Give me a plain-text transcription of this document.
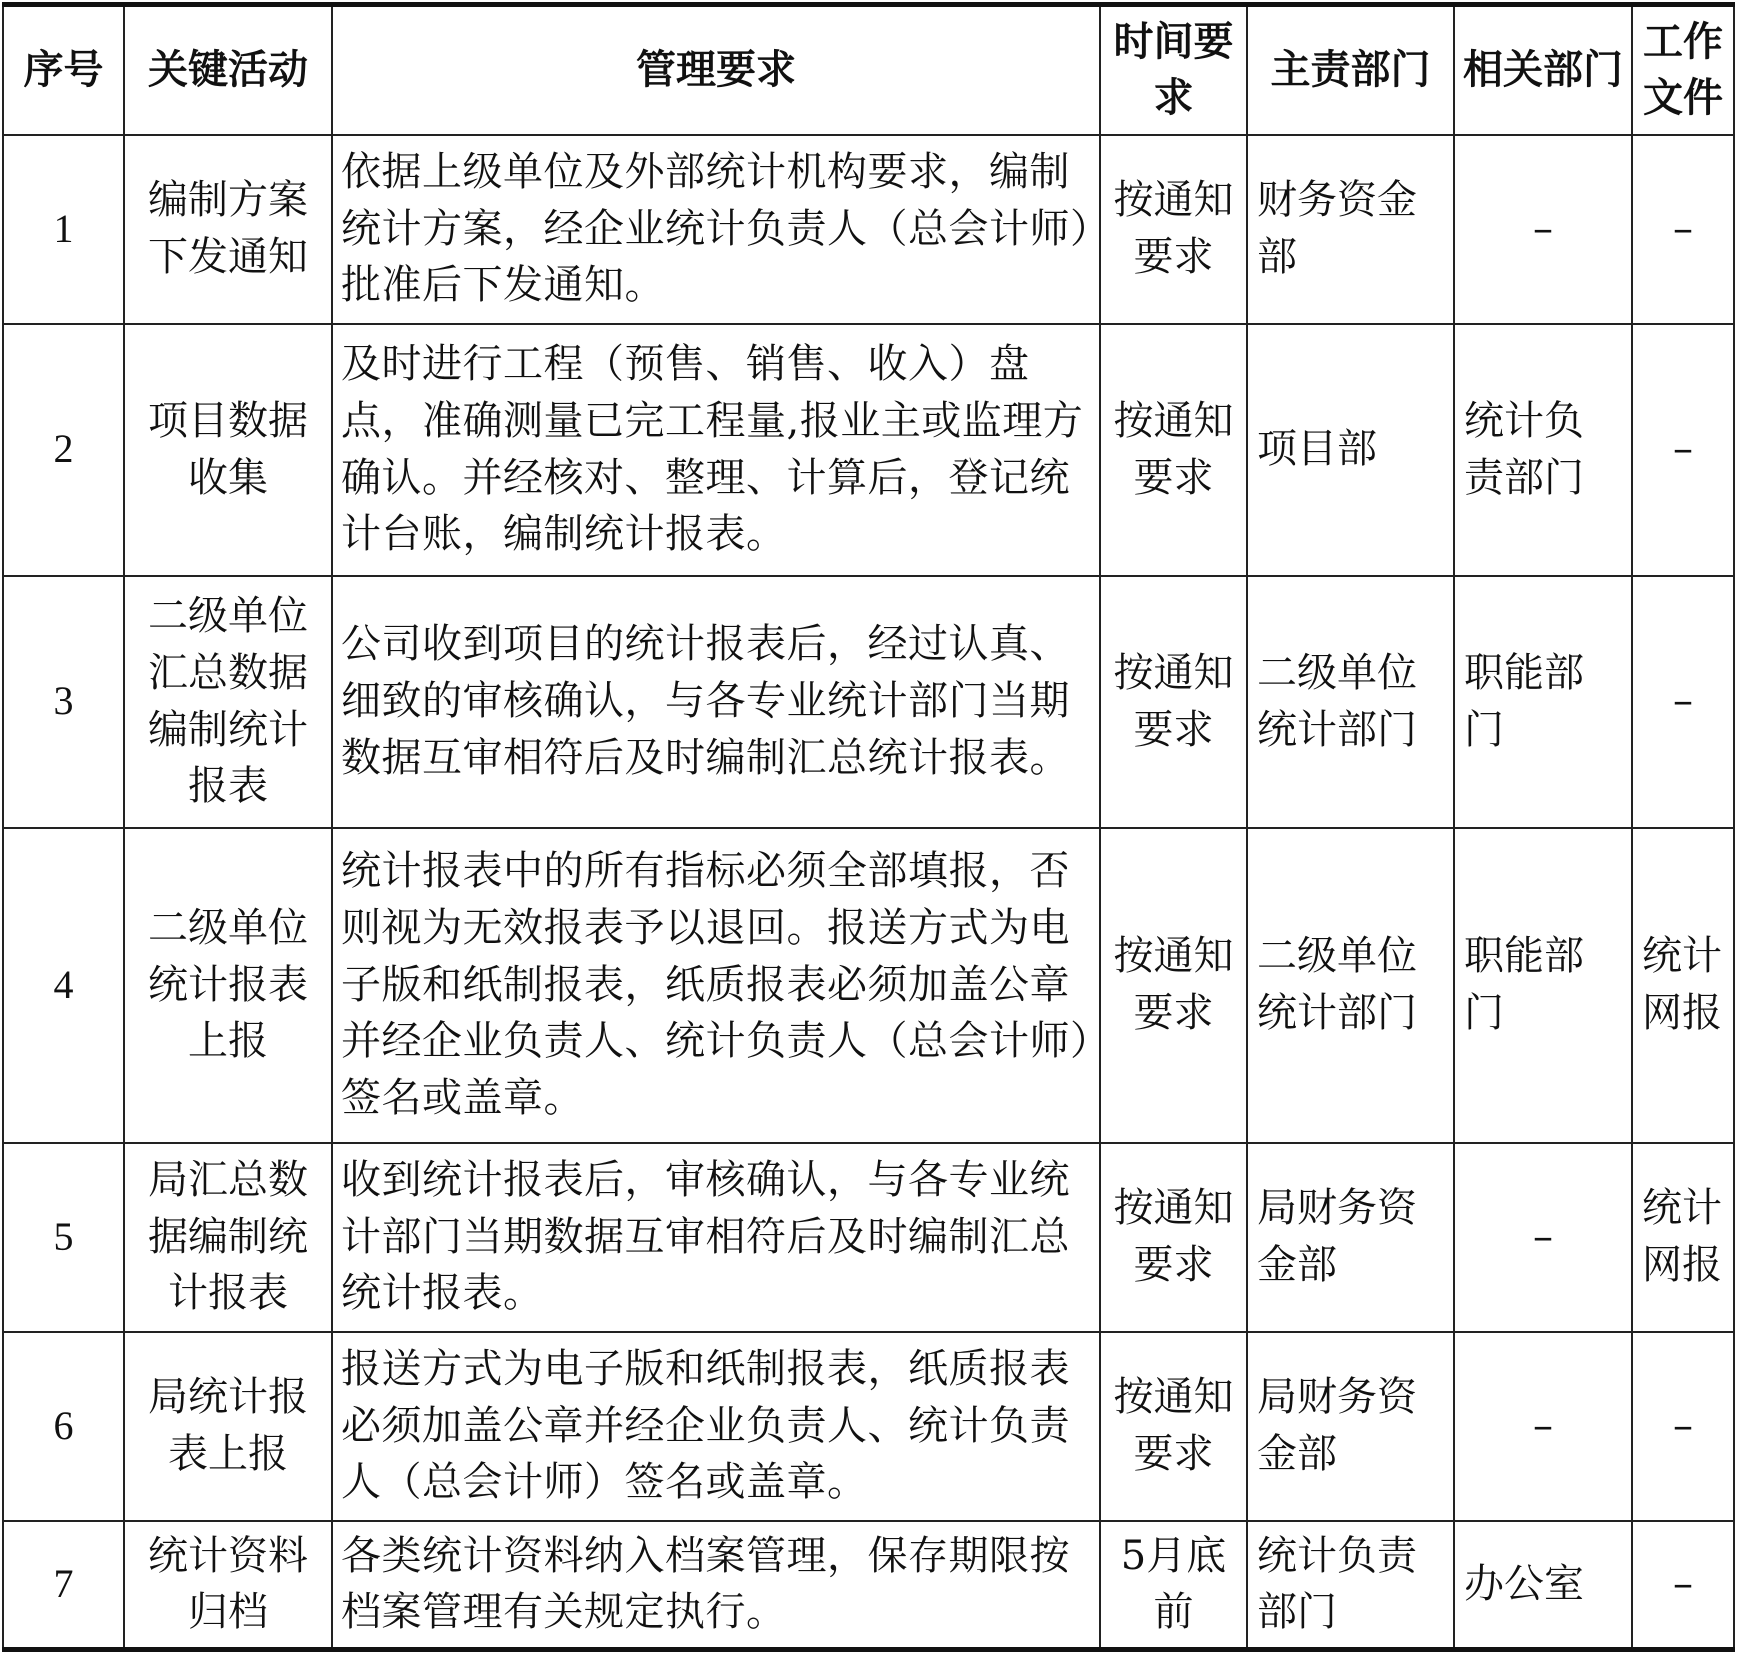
序号	关键活动	管理要求	时间要求	主责部门	相关部门	工作文件
1	编制方案下发通知	依据上级单位及外部统计机构要求，编制统计方案，经企业统计负责人（总会计师）批准后下发通知。	按通知要求	财务资金部	–	–
2	项目数据收集	及时进行工程（预售、销售、收入）盘点，准确测量已完工程量,报业主或监理方确认。并经核对、整理、计算后，登记统计台账，编制统计报表。	按通知要求	项目部	统计负责部门	–
3	二级单位汇总数据编制统计报表	公司收到项目的统计报表后，经过认真、细致的审核确认，与各专业统计部门当期数据互审相符后及时编制汇总统计报表。	按通知要求	二级单位统计部门	职能部门	–
4	二级单位统计报表上报	统计报表中的所有指标必须全部填报，否则视为无效报表予以退回。报送方式为电子版和纸制报表，纸质报表必须加盖公章并经企业负责人、统计负责人（总会计师）签名或盖章。	按通知要求	二级单位统计部门	职能部门	统计网报
5	局汇总数据编制统计报表	收到统计报表后，审核确认，与各专业统计部门当期数据互审相符后及时编制汇总统计报表。	按通知要求	局财务资金部	–	统计网报
6	局统计报表上报	报送方式为电子版和纸制报表，纸质报表必须加盖公章并经企业负责人、统计负责人（总会计师）签名或盖章。	按通知要求	局财务资金部	–	–
7	统计资料归档	各类统计资料纳入档案管理，保存期限按档案管理有关规定执行。	5月底前	统计负责部门	办公室	–
